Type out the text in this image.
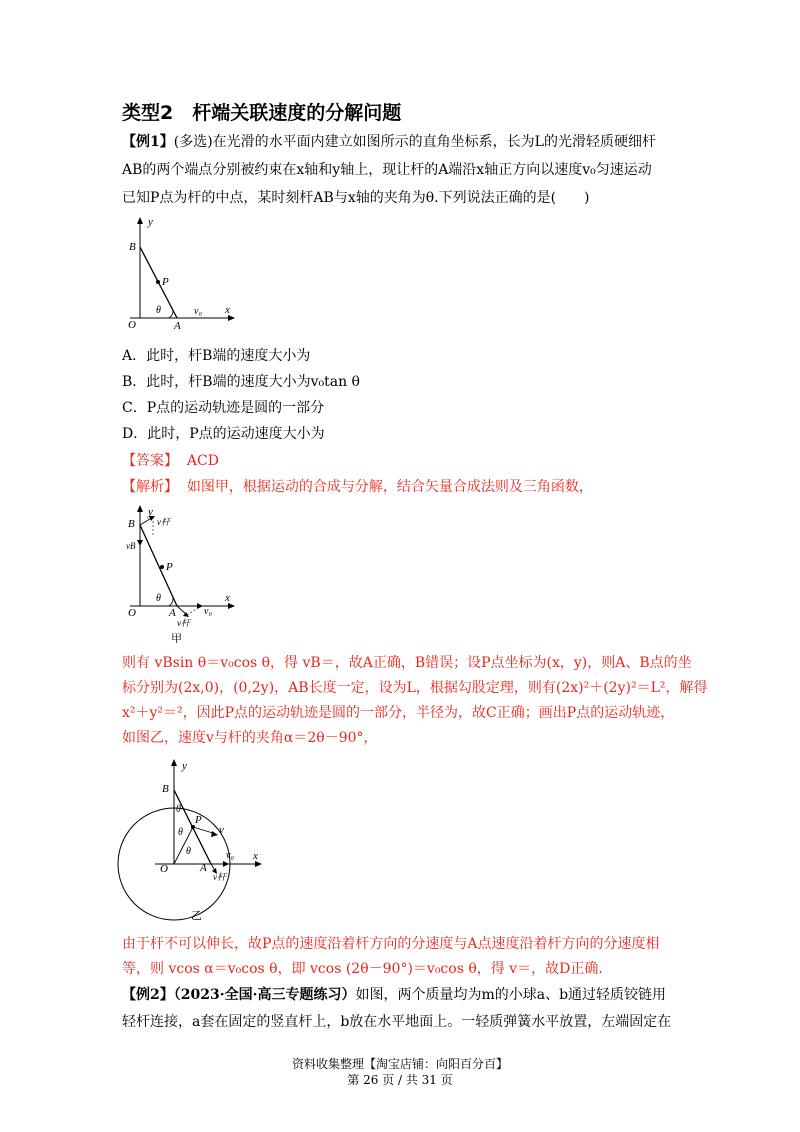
类型2　杆端关联速度的分解问题
【例1】(多选)在光滑的水平面内建立如图所示的直角坐标系，长为L的光滑轻质硬细杆
AB的两个端点分别被约束在x轴和y轴上，现让杆的A端沿x轴正方向以速度v₀匀速运动
已知P点为杆的中点，某时刻杆AB与x轴的夹角为θ.下列说法正确的是(　　)
y
x
B
P
O	A
θ	v₀
A．此时，杆B端的速度大小为
B．此时，杆B端的速度大小为v₀tan θ
C．P点的运动轨迹是圆的一部分
D．此时，P点的运动速度大小为
【答案】 ACD
【解析】 如图甲，根据运动的合成与分解，结合矢量合成法则及三角函数，
y
x
B v杆
vB
P
O	A
θ
v₀
v杆
甲
则有 vBsin θ＝v₀cos θ，得 vB＝，故A正确，B错误；设P点坐标为(x，y)，则A、B点的坐
标分别为(2x,0)，(0,2y)，AB长度一定，设为L，根据勾股定理，则有(2x)²＋(2y)²＝L²，解得
x²＋y²＝²，因此P点的运动轨迹是圆的一部分，半径为，故C正确；画出P点的运动轨迹，
如图乙，速度v与杆的夹角α＝2θ－90°，
y
x
B
θ
P
v
θ
θ
O	A
v₀
v杆
乙
由于杆不可以伸长，故P点的速度沿着杆方向的分速度与A点速度沿着杆方向的分速度相
等，则 vcos α＝v₀cos θ，即 vcos (2θ－90°)＝v₀cos θ，得 v＝，故D正确.
【例2】（2023·全国·高三专题练习）如图，两个质量均为m的小球a、b通过轻质铰链用
轻杆连接，a套在固定的竖直杆上，b放在水平地面上。一轻质弹簧水平放置，左端固定在
资料收集整理【淘宝店铺：向阳百分百】
第 26 页 / 共 31 页
